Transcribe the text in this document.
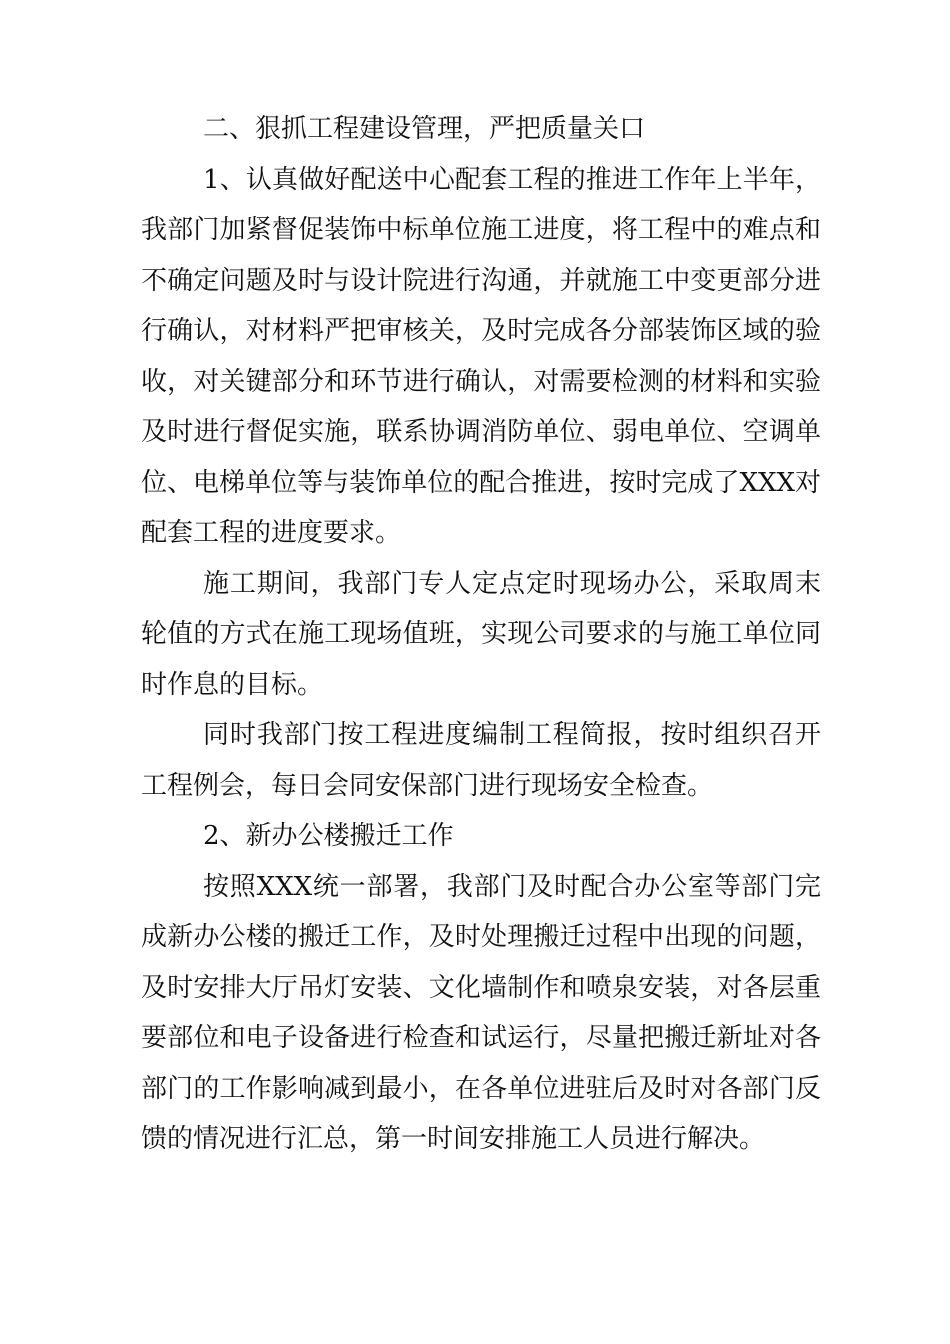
二、狠抓工程建设管理，严把质量关口

1、认真做好配送中心配套工程的推进工作年上半年，我部门加紧督促装饰中标单位施工进度，将工程中的难点和不确定问题及时与设计院进行沟通，并就施工中变更部分进行确认，对材料严把审核关，及时完成各分部装饰区域的验收，对关键部分和环节进行确认，对需要检测的材料和实验及时进行督促实施，联系协调消防单位、弱电单位、空调单位、电梯单位等与装饰单位的配合推进，按时完成了XXX对配套工程的进度要求。

施工期间，我部门专人定点定时现场办公，采取周末轮值的方式在施工现场值班，实现公司要求的与施工单位同时作息的目标。

同时我部门按工程进度编制工程简报，按时组织召开工程例会，每日会同安保部门进行现场安全检查。

2、新办公楼搬迁工作

按照XXX统一部署，我部门及时配合办公室等部门完成新办公楼的搬迁工作，及时处理搬迁过程中出现的问题，及时安排大厅吊灯安装、文化墙制作和喷泉安装，对各层重要部位和电子设备进行检查和试运行，尽量把搬迁新址对各部门的工作影响减到最小，在各单位进驻后及时对各部门反馈的情况进行汇总，第一时间安排施工人员进行解决。
